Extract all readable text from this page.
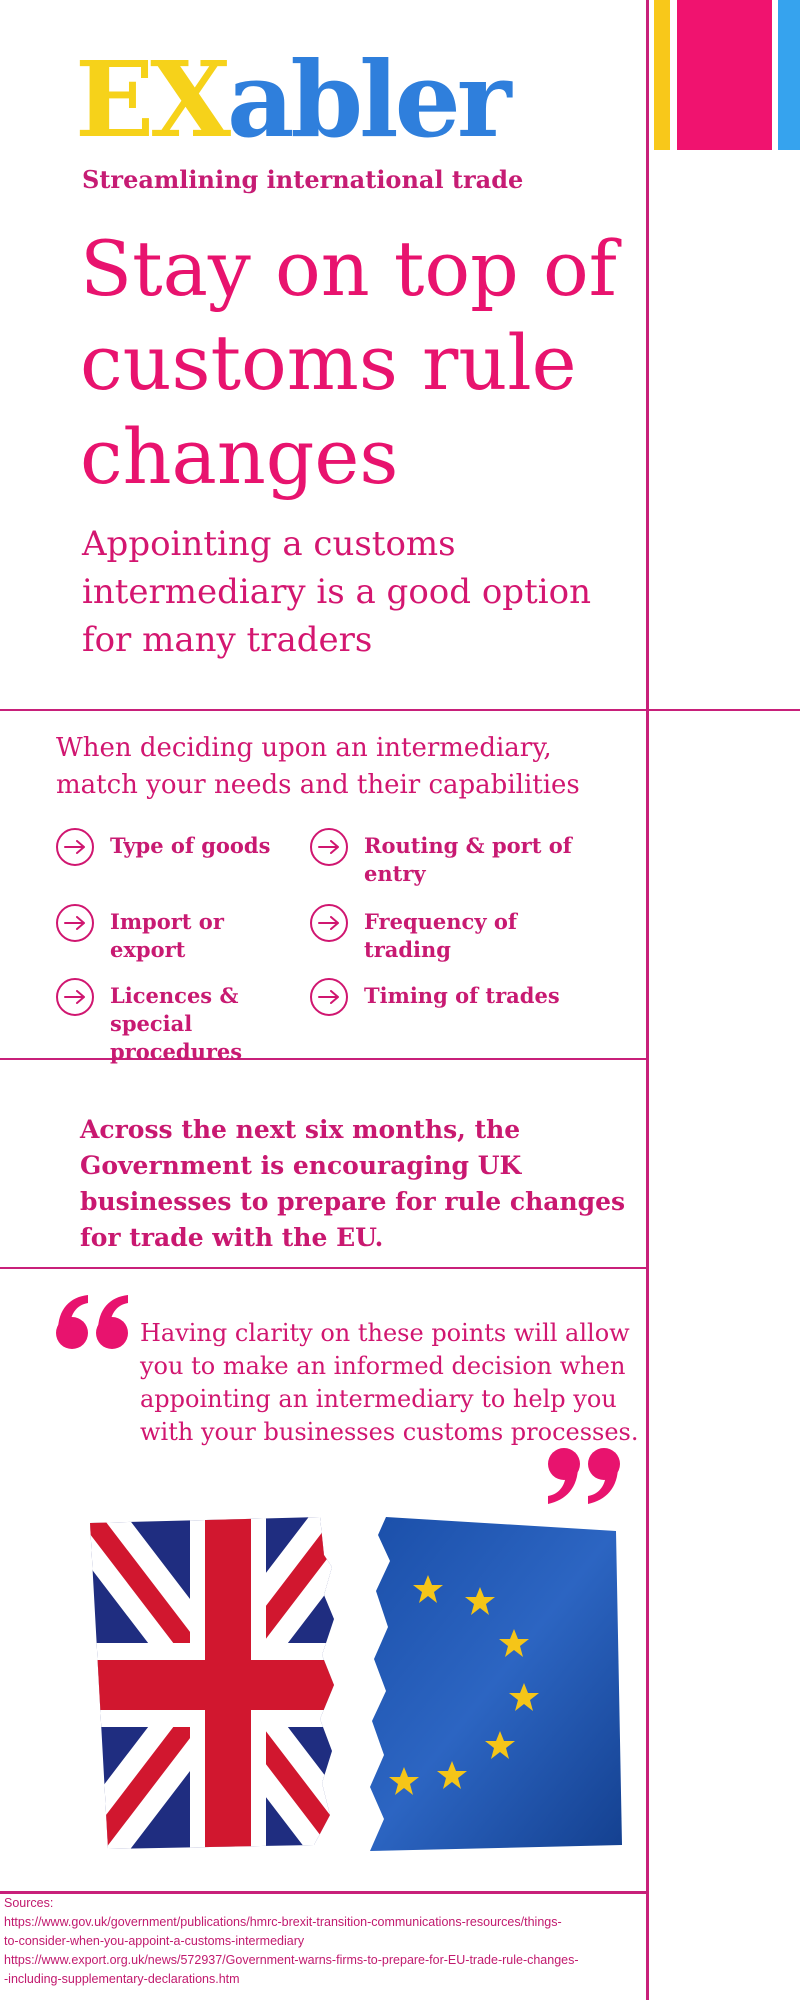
EXabler
Streamlining international trade
Stay on top of customs rule changes
Appointing a customs intermediary is a good option for many traders
When deciding upon an intermediary, match your needs and their capabilities
Type of goods	Routing & port of entry
Import or export
Frequency of trading
Licences & special procedures
Timing of trades
Across the next six months, the Government is encouraging UK businesses to prepare for rule changes for trade with the EU.
Having clarity on these points will allow you to make an informed decision when appointing an intermediary to help you with your businesses customs processes.
Sources:
https://www.gov.uk/government/publications/hmrc-brexit-transition-communications-resources/things-
to-consider-when-you-appoint-a-customs-intermediary
https://www.export.org.uk/news/572937/Government-warns-firms-to-prepare-for-EU-trade-rule-changes-
-including-supplementary-declarations.htm
